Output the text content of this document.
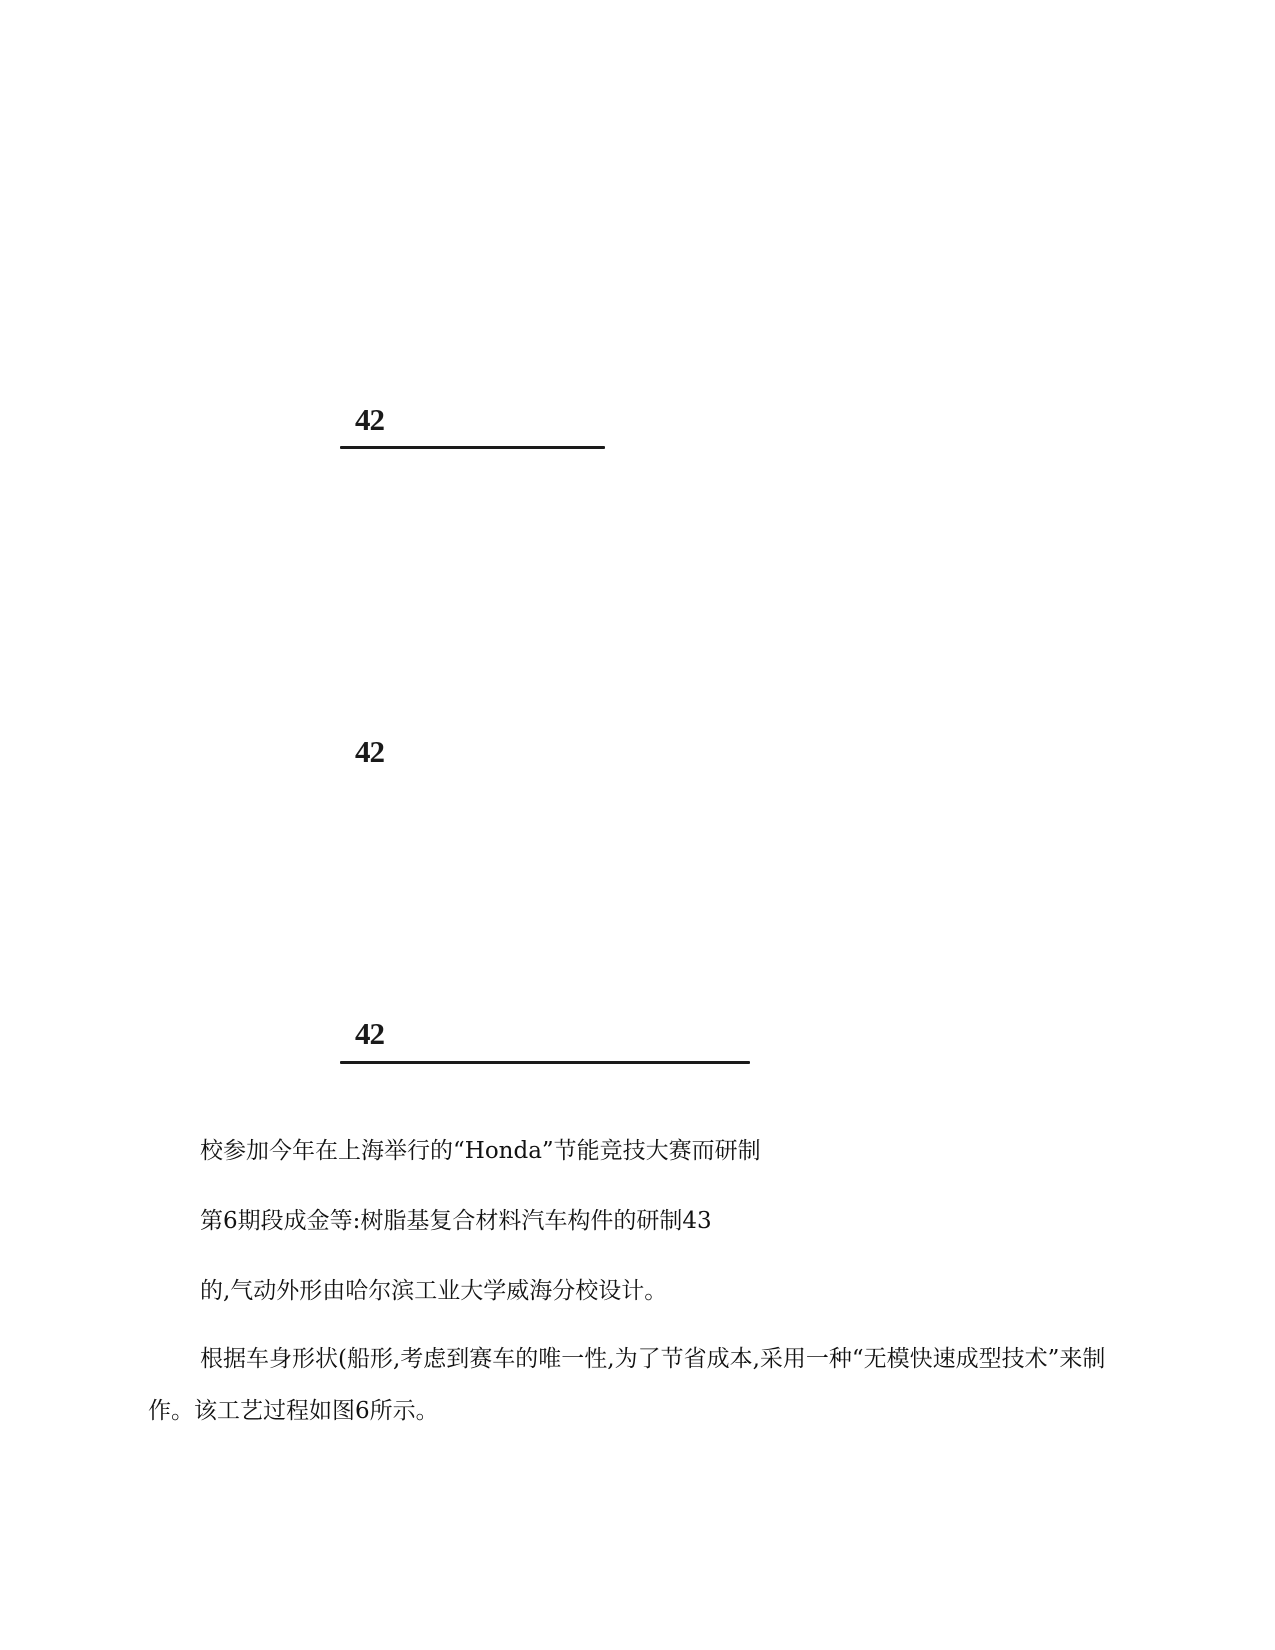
42
42
42
校参加今年在上海举行的“Honda”节能竞技大赛而研制
第6期段成金等:树脂基复合材料汽车构件的研制43
的,气动外形由哈尔滨工业大学威海分校设计。
根据车身形状(船形,考虑到赛车的唯一性,为了节省成本,采用一种“无模快速成型技术”来制作。该工艺过程如图6所示。
